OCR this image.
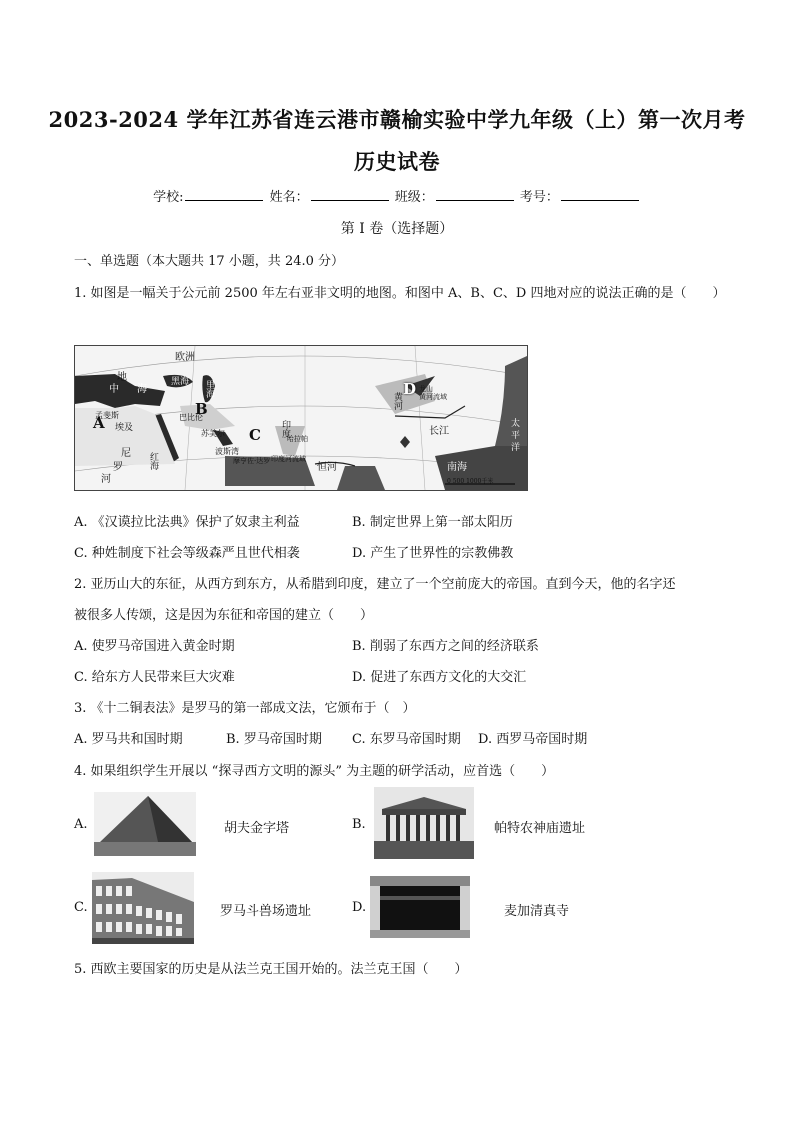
2023-2024 学年江苏省连云港市赣榆实验中学九年级（上）第一次月考
历史试卷
学校:	姓名：	班级：	考号：
第 I 卷（选择题）
一、单选题（本大题共 17 小题，共 24.0 分）
1. 如图是一幅关于公元前 2500 年左右亚非文明的地图。和图中 A、B、C、D 四地对应的说法正确的是（　　）
欧洲
地
中 海
黑海 里海
巴比伦
苏美尔
孟斐斯
埃及
尼
罗
河
红海
波斯湾
印度
哈拉帕
摩亨佐·达罗 印度河流域
恒河
黄河 黄河流域
龙山
长江
南海
太
平
洋
A
B
C
D
0 500 1000千米
A. 《汉谟拉比法典》保护了奴隶主利益	B. 制定世界上第一部太阳历
C. 种姓制度下社会等级森严且世代相袭	D. 产生了世界性的宗教佛教
2. 亚历山大的东征，从西方到东方，从希腊到印度，建立了一个空前庞大的帝国。直到今天，他的名字还
被很多人传颂，这是因为东征和帝国的建立（　　）
A. 使罗马帝国进入黄金时期	B. 削弱了东西方之间的经济联系
C. 给东方人民带来巨大灾难	D. 促进了东西方文化的大交汇
3. 《十二铜表法》是罗马的第一部成文法，它颁布于（　）
A. 罗马共和国时期	B. 罗马帝国时期 C. 东罗马帝国时期 D. 西罗马帝国时期
4. 如果组织学生开展以 “探寻西方文明的源头” 为主题的研学活动，应首选（　　）
A.	胡夫金字塔	B.	帕特农神庙遗址
C.	罗马斗兽场遗址	D.	麦加清真寺
5. 西欧主要国家的历史是从法兰克王国开始的。法兰克王国（　　）
